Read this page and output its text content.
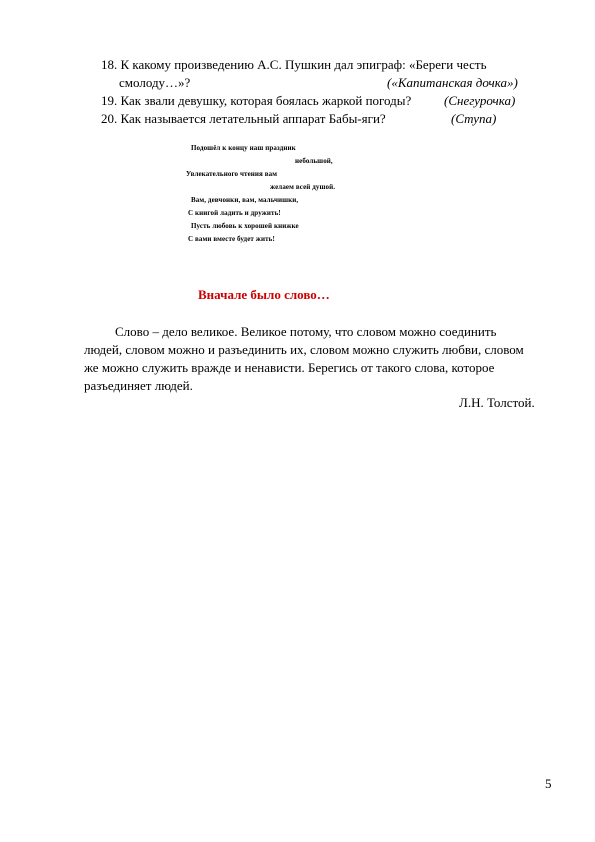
18. К какому произведению А.С. Пушкин дал эпиграф: «Береги честь
смолоду…»?	(«Капитанская дочка»)
19. Как звали девушку, которая боялась жаркой погоды?	(Снегурочка)
20. Как называется летательный аппарат Бабы-яги?	(Ступа)
Подошёл к концу наш праздник
небольшой,
Увлекательного чтения вам
желаем всей душой.
Вам, девчонки, вам, мальчишки,
С книгой ладить и дружить!
Пусть любовь к хорошей книжке
С вами вместе будет жить!
Вначале было слово…
Слово – дело великое. Великое потому, что словом можно соединить
людей, словом можно и разъединить их, словом можно служить любви, словом
же можно служить вражде и ненависти. Берегись от такого слова, которое
разъединяет людей.
Л.Н. Толстой.
5
